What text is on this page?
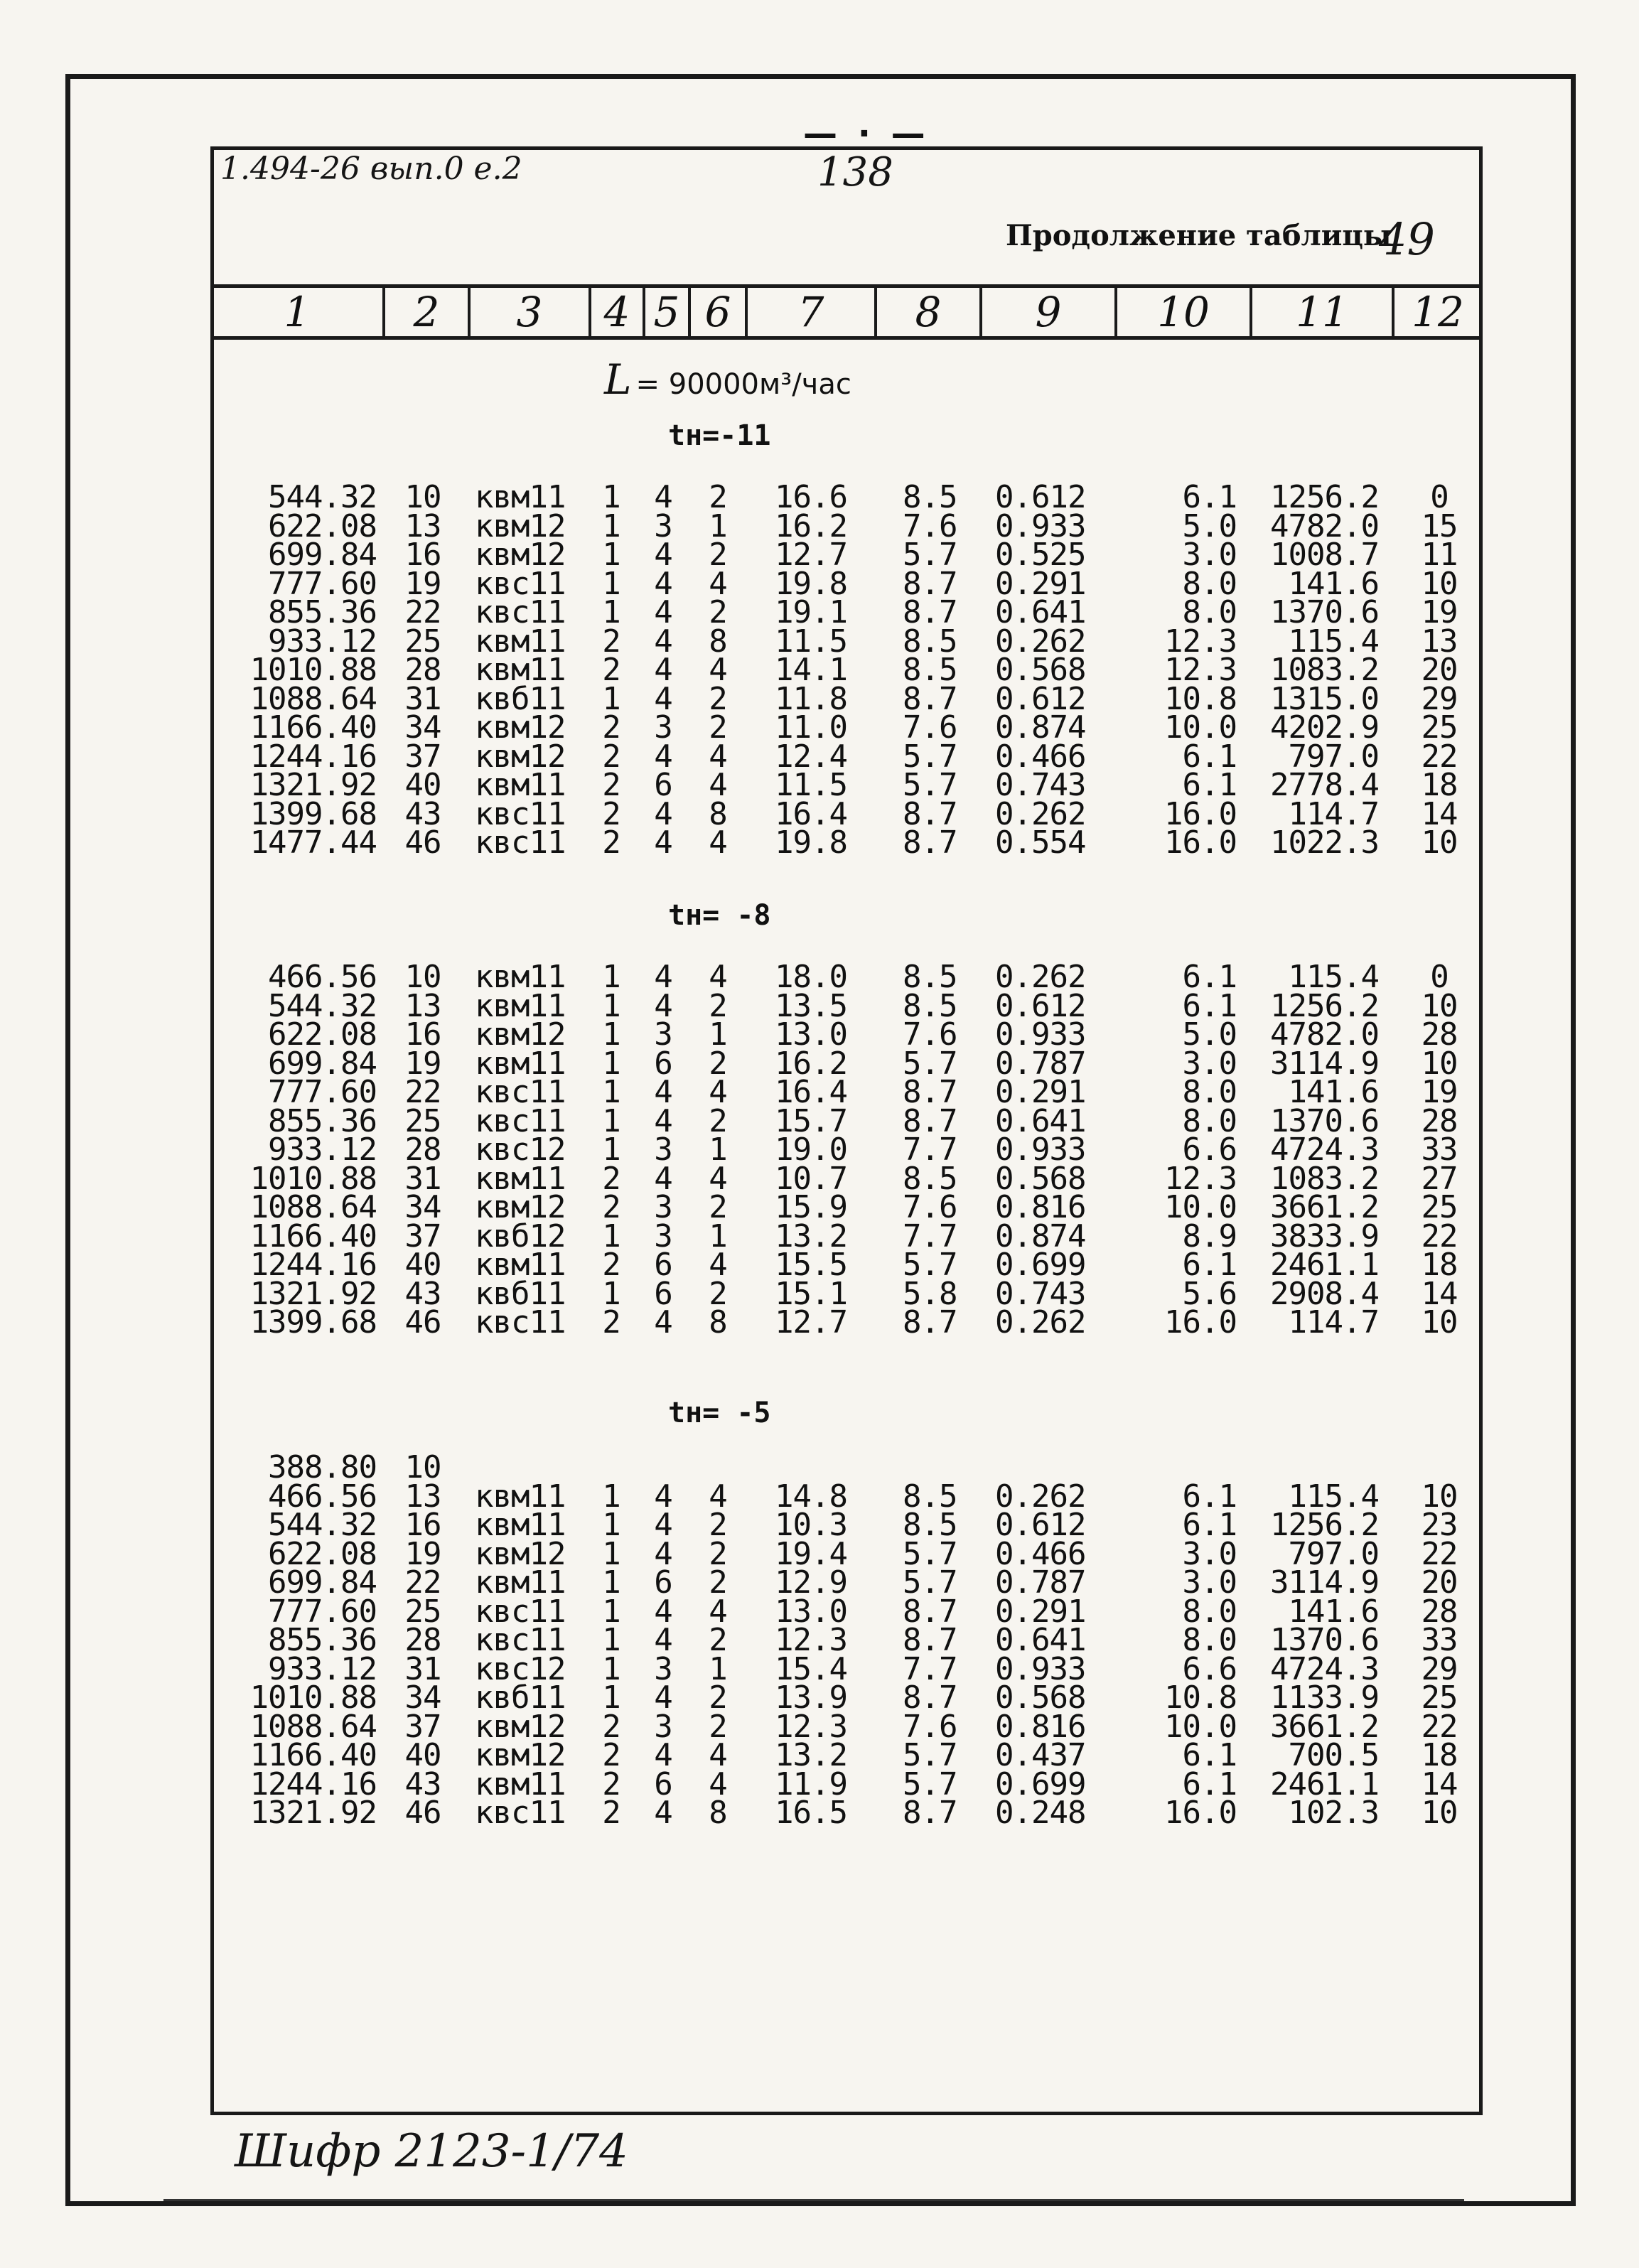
— · —
1.494-26 вып.0 е.2	138
Продолжение таблицы
49
1	2	3	4 5 6	7	8	9	10	11	12
L = 90000м³/час
tн=-11
544.32 10	квм11	1 4 2 16.6	8.5	0.612	6.1	1256.2	0
622.08 13	квм12	1 3 1 16.2	7.6	0.933	5.0	4782.0	15
699.84 16	квм12	1 4 2 12.7	5.7	0.525	3.0	1008.7	11
777.60 19	квс11	1 4 4 19.8	8.7	0.291	8.0	141.6	10
855.36 22	квс11	1 4 2 19.1	8.7	0.641	8.0	1370.6	19
933.12 25	квм11	2 4 8 11.5	8.5	0.262	12.3	115.4	13
1010.88 28	квм11	2 4 4 14.1	8.5	0.568	12.3	1083.2	20
1088.64 31	квб11	1 4 2 11.8	8.7	0.612	10.8	1315.0	29
1166.40 34	квм12	2 3 2 11.0	7.6	0.874	10.0	4202.9	25
1244.16 37	квм12	2 4 4 12.4	5.7	0.466	6.1	797.0	22
1321.92 40	квм11	2 6 4 11.5	5.7	0.743	6.1	2778.4	18
1399.68 43	квс11	2 4 8 16.4	8.7	0.262	16.0	114.7	14
1477.44 46	квс11	2 4 4 19.8	8.7	0.554	16.0	1022.3	10
tн= -8
466.56 10	квм11	1 4 4 18.0	8.5	0.262	6.1	115.4	0
544.32 13	квм11	1 4 2 13.5	8.5	0.612	6.1	1256.2	10
622.08 16	квм12	1 3 1 13.0	7.6	0.933	5.0	4782.0	28
699.84 19	квм11	1 6 2 16.2	5.7	0.787	3.0	3114.9	10
777.60 22	квс11	1 4 4 16.4	8.7	0.291	8.0	141.6	19
855.36 25	квс11	1 4 2 15.7	8.7	0.641	8.0	1370.6	28
933.12 28	квс12	1 3 1 19.0	7.7	0.933	6.6	4724.3	33
1010.88 31	квм11	2 4 4 10.7	8.5	0.568	12.3	1083.2	27
1088.64 34	квм12	2 3 2 15.9	7.6	0.816	10.0	3661.2	25
1166.40 37	квб12	1 3 1 13.2	7.7	0.874	8.9	3833.9	22
1244.16 40	квм11	2 6 4 15.5	5.7	0.699	6.1	2461.1	18
1321.92 43	квб11	1 6 2 15.1	5.8	0.743	5.6	2908.4	14
1399.68 46	квс11	2 4 8 12.7	8.7	0.262	16.0	114.7	10
tн= -5
388.80 10
466.56 13	квм11	1 4 4 14.8	8.5	0.262	6.1	115.4	10
544.32 16	квм11	1 4 2 10.3	8.5	0.612	6.1	1256.2	23
622.08 19	квм12	1 4 2 19.4	5.7	0.466	3.0	797.0	22
699.84 22	квм11	1 6 2 12.9	5.7	0.787	3.0	3114.9	20
777.60 25	квс11	1 4 4 13.0	8.7	0.291	8.0	141.6	28
855.36 28	квс11	1 4 2 12.3	8.7	0.641	8.0	1370.6	33
933.12 31	квс12	1 3 1 15.4	7.7	0.933	6.6	4724.3	29
1010.88 34	квб11	1 4 2 13.9	8.7	0.568	10.8	1133.9	25
1088.64 37	квм12	2 3 2 12.3	7.6	0.816	10.0	3661.2	22
1166.40 40	квм12	2 4 4 13.2	5.7	0.437	6.1	700.5	18
1244.16 43	квм11	2 6 4 11.9	5.7	0.699	6.1	2461.1	14
1321.92 46	квс11	2 4 8 16.5	8.7	0.248	16.0	102.3	10
Шифр 2123-1/74
